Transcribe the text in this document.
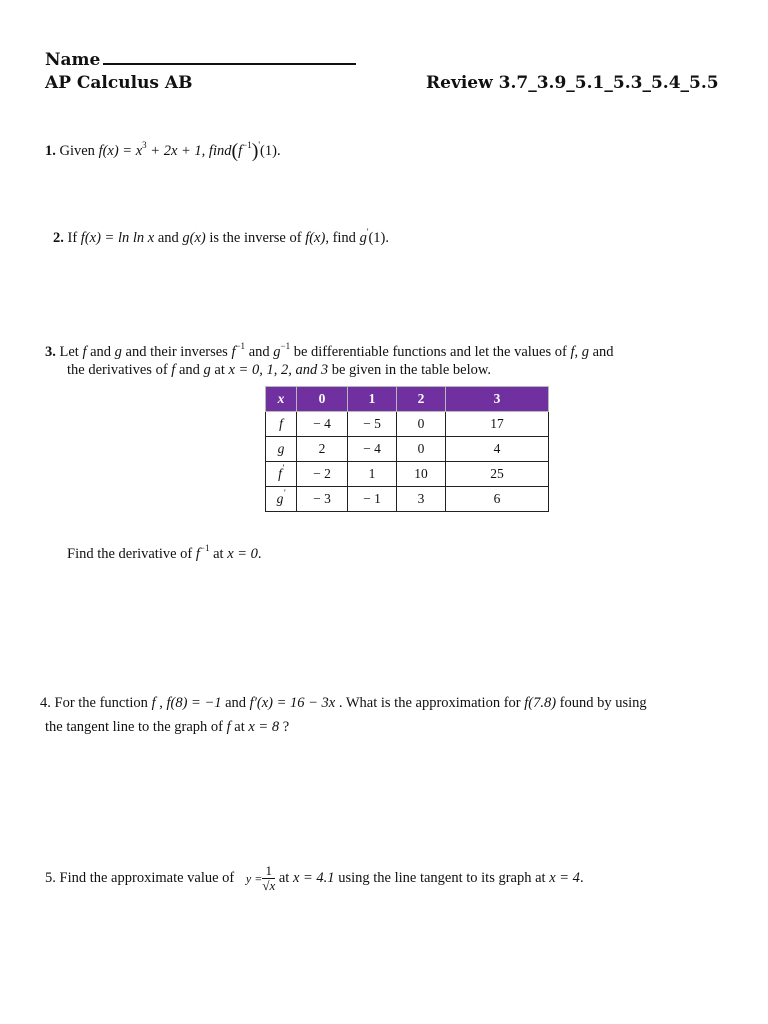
Name
AP Calculus AB	Review 3.7_3.9_5.1_5.3_5.4_5.5
1. Given $f(x) = x^3 + 2x + 1$, $find(f^{-1})'(1)$.
2. If f(x) = ln ln x and g(x) is the inverse of f(x), find g'(1).
3. Let f and g and their inverses $f^{-1}$ and $g^{-1}$ be differentiable functions and let the values of f, g and
the derivatives of f and g at x = 0, 1, 2, and 3 be given in the table below.
x	0	1	2	3
f	− 4	− 5	0	17
g	2	− 4	0	4
f'	− 2	1	10	25
g'	− 3	− 1	3	6
Find the derivative of $f^{-1}$ at x = 0.
4. For the function f , f(8) = −1 and f′(x) = 16 − 3x . What is the approximation for f(7.8) found by using
the tangent line to the graph of f at x = 8 ?
5. Find the approximate value of $y = \frac{1}{√x}$ at x = 4.1 using the line tangent to its graph at x = 4.
